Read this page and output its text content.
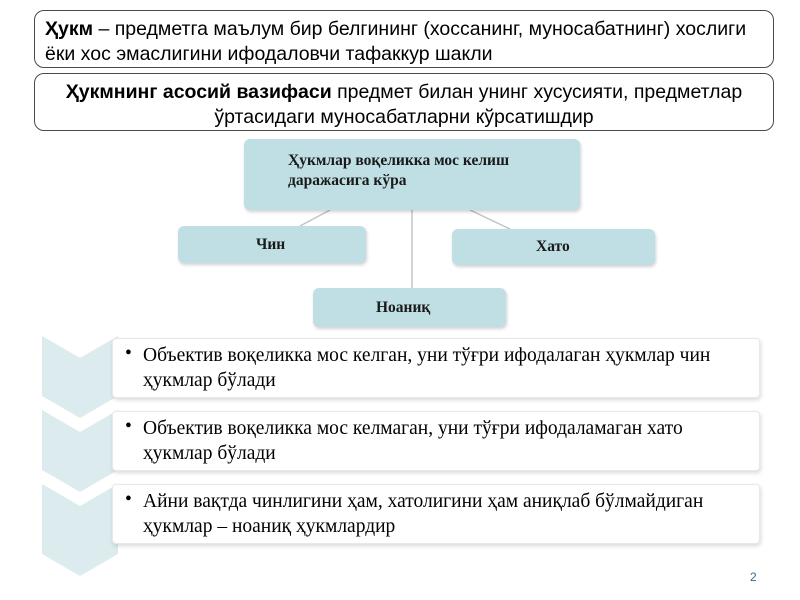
Ҳукм – предметга маълум бир белгининг (хоссанинг, муносабатнинг) хослиги ёки хос эмаслигини ифодаловчи тафаккур шакли
Ҳукмнинг асосий вазифаси предмет билан унинг хусусияти, предметлар ўртасидаги муносабатларни кўрсатишдир
Ҳукмлар воқеликка мос келиш даражасига кўра
Чин	Хато
Ноаниқ
• Объектив воқеликка мос келган, уни тўғри ифодалаган ҳукмлар чин ҳукмлар бўлади
• Объектив воқеликка мос келмаган, уни тўғри ифодаламаган хато ҳукмлар бўлади
• Айни вақтда чинлигини ҳам, хатолигини ҳам аниқлаб бўлмайдиган ҳукмлар – ноаниқ ҳукмлардир
2
